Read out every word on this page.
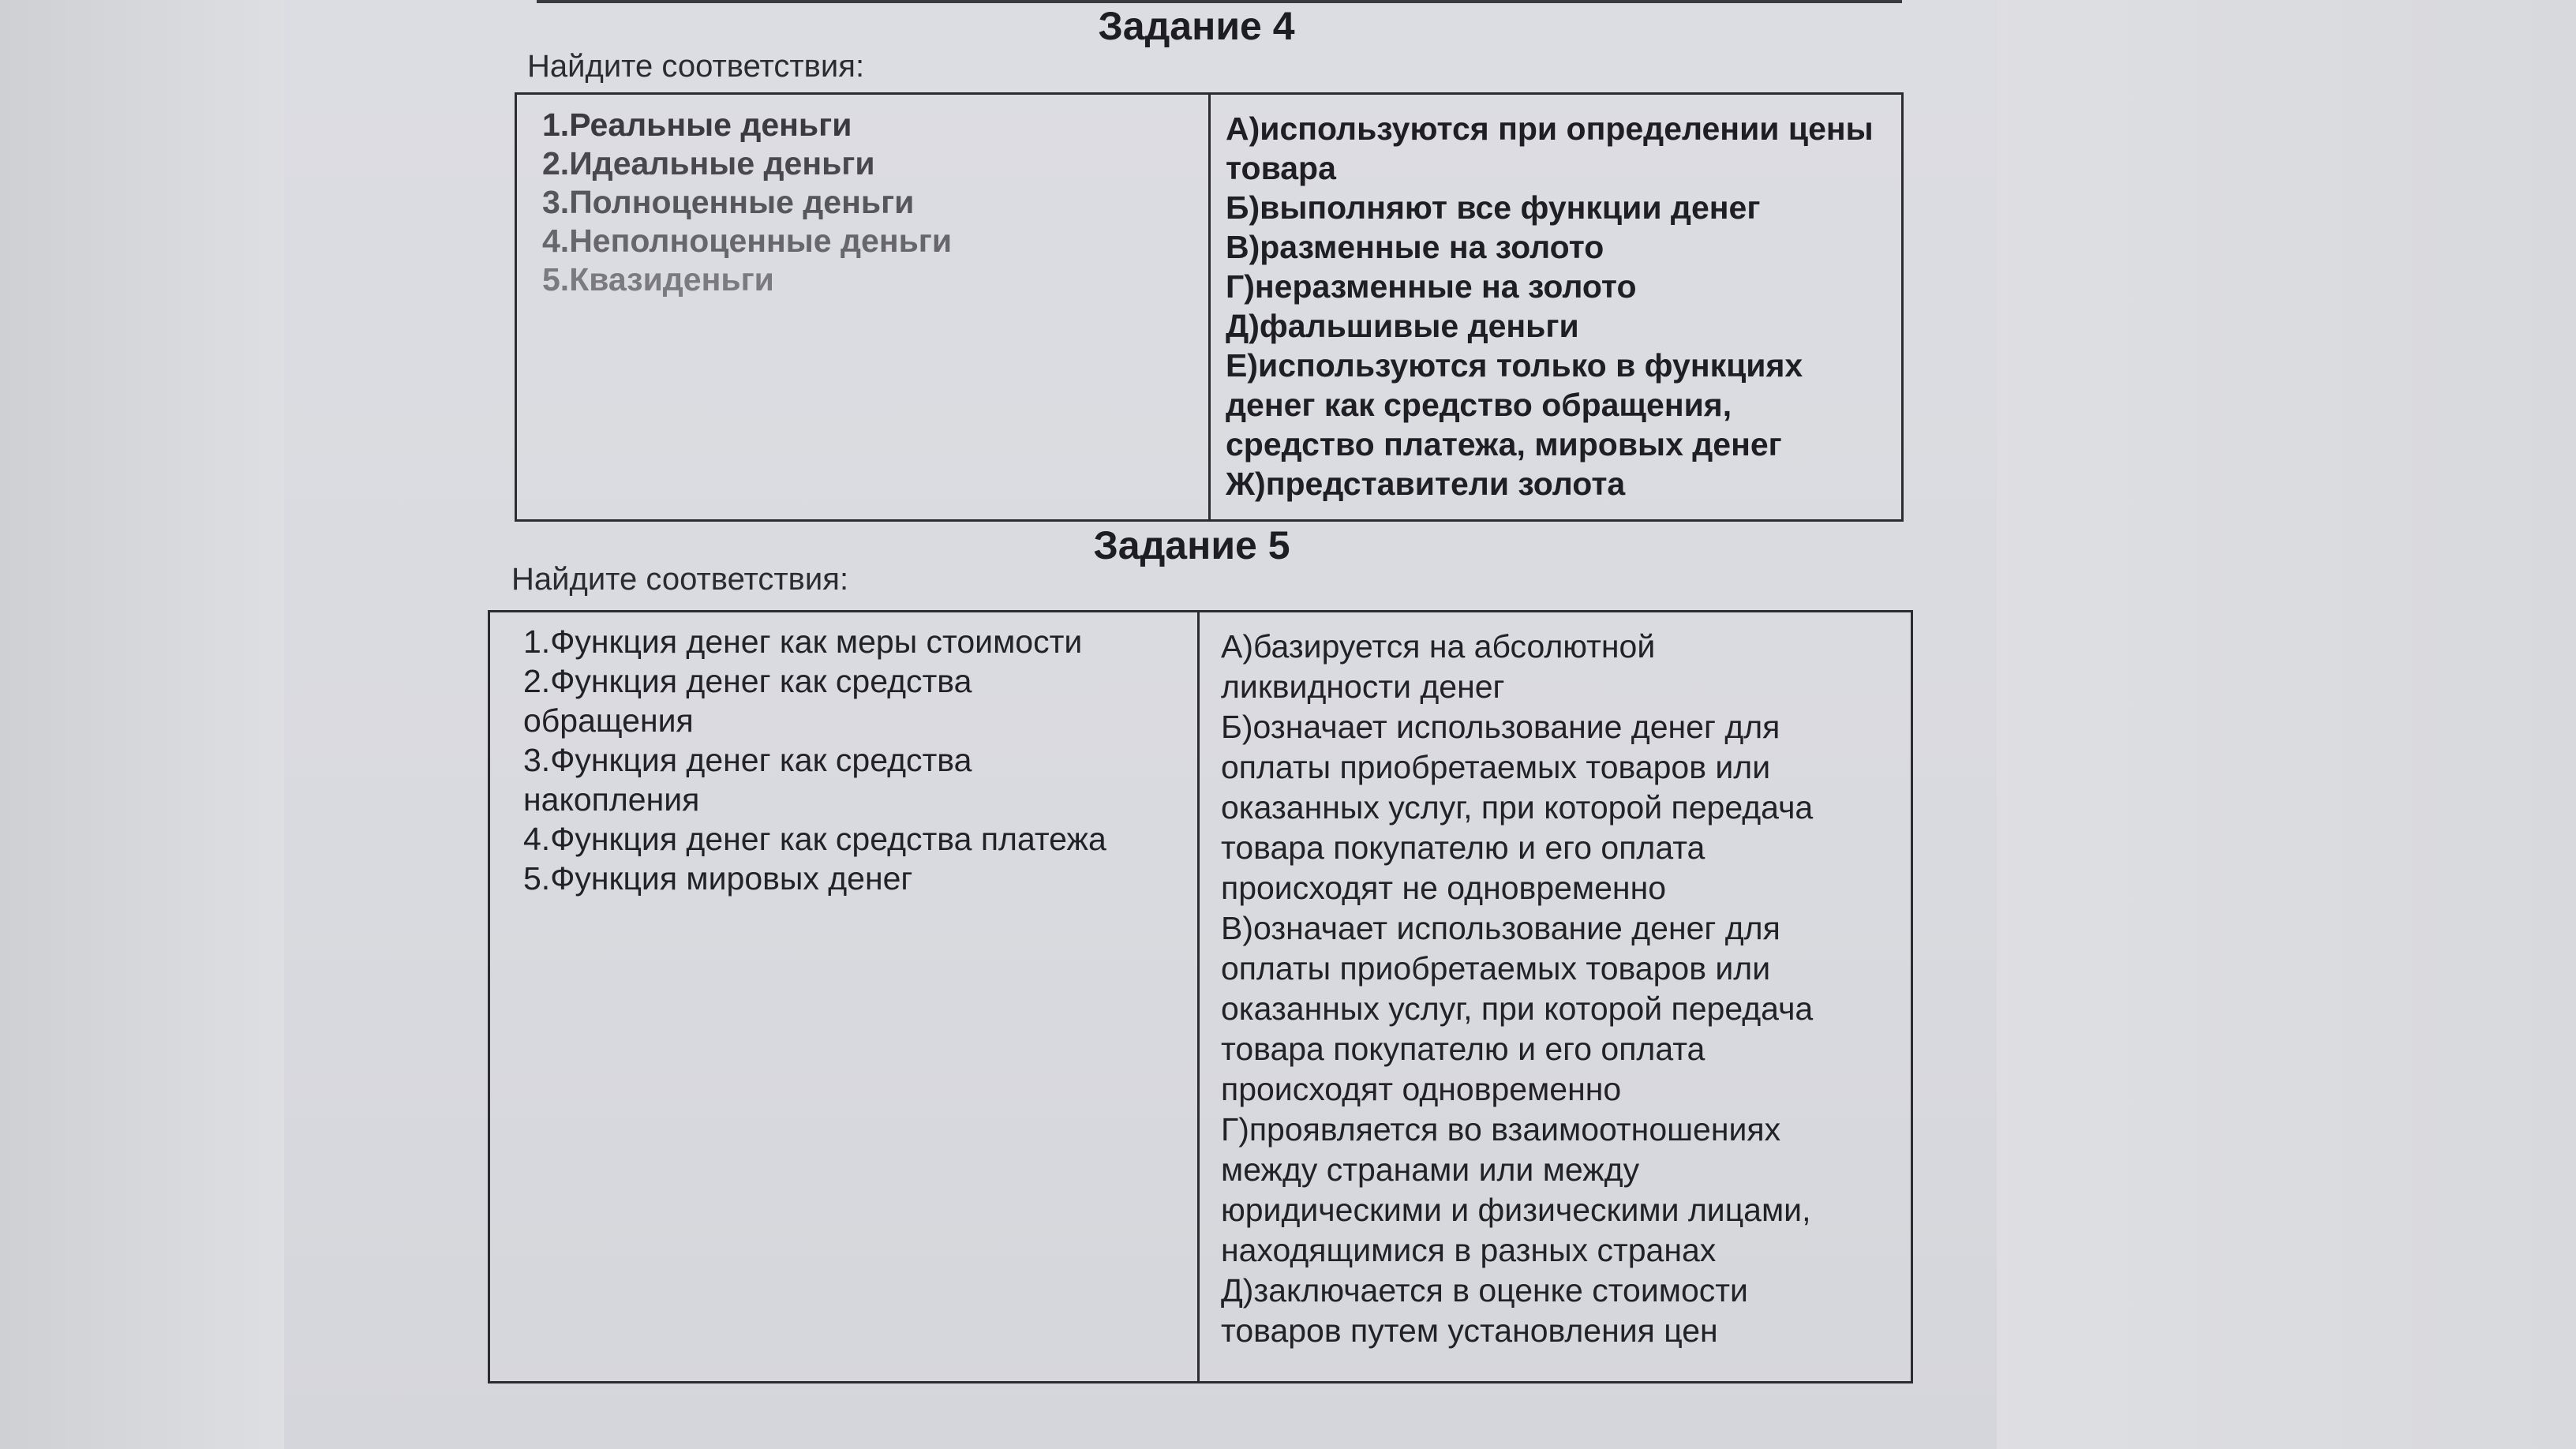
Задание 4
Найдите соответствия:
1.Реальные деньги
2.Идеальные деньги
3.Полноценные деньги
4.Неполноценные деньги
5.Квазиденьги
А)используются при определении цены
товара
Б)выполняют все функции денег
В)разменные на золото
Г)неразменные на золото
Д)фальшивые деньги
Е)используются только в функциях
денег как средство обращения,
средство платежа, мировых денег
Ж)представители золота
Задание 5
Найдите соответствия:
1.Функция денег как меры стоимости
2.Функция денег как средства
обращения
3.Функция денег как средства
накопления
4.Функция денег как средства платежа
5.Функция мировых денег
А)базируется на абсолютной
ликвидности денег
Б)означает использование денег для
оплаты приобретаемых товаров или
оказанных услуг, при которой передача
товара покупателю и его оплата
происходят не одновременно
В)означает использование денег для
оплаты приобретаемых товаров или
оказанных услуг, при которой передача
товара покупателю и его оплата
происходят одновременно
Г)проявляется во взаимоотношениях
между странами или между
юридическими и физическими лицами,
находящимися в разных странах
Д)заключается в оценке стоимости
товаров путем установления цен
